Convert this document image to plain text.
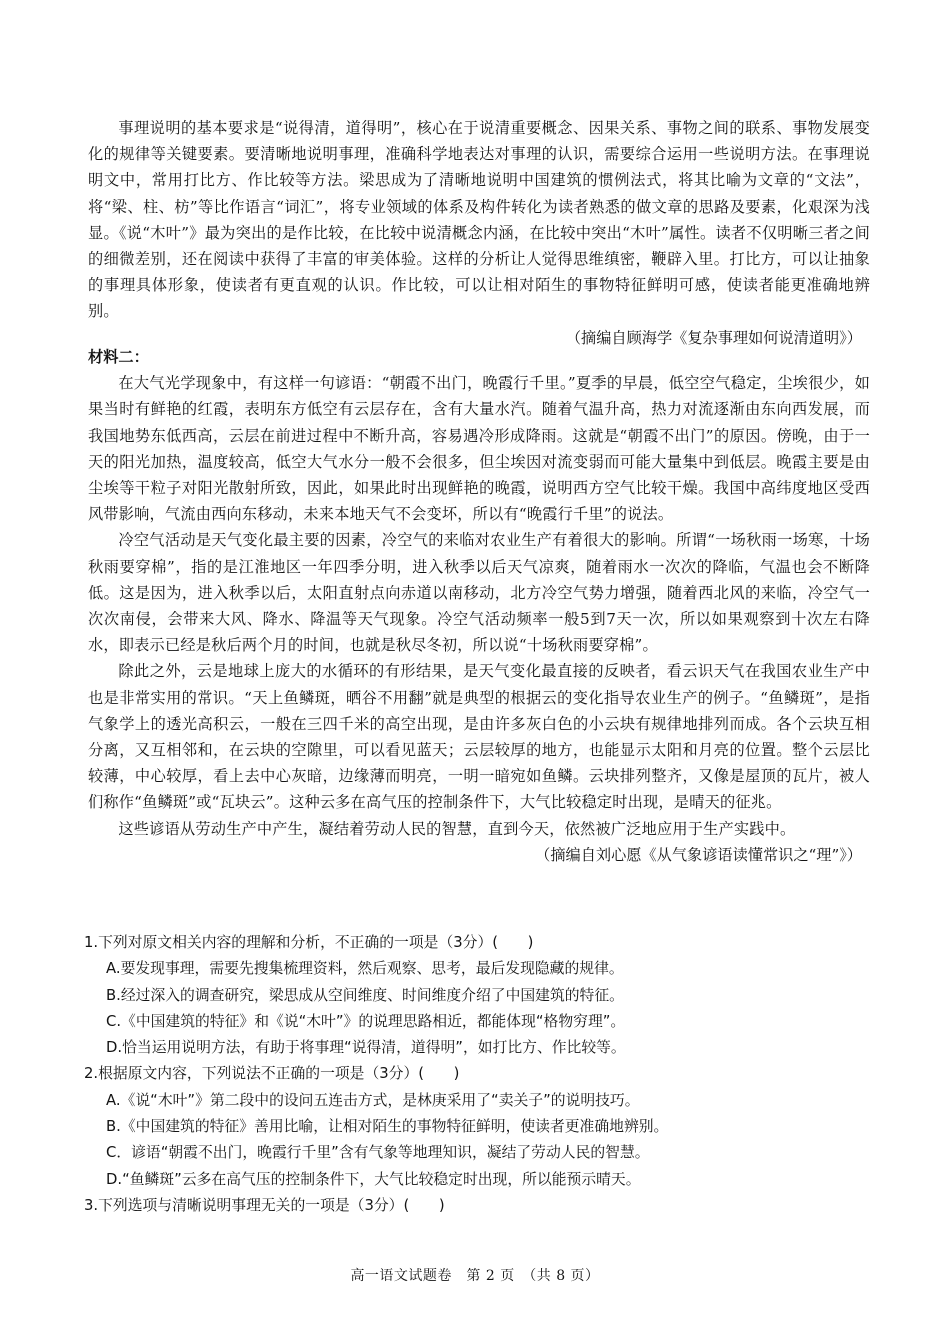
事理说明的基本要求是“说得清，道得明”，核心在于说清重要概念、因果关系、事物之间的联系、事物发展变化的规律等关键要素。要清晰地说明事理，准确科学地表达对事理的认识，需要综合运用一些说明方法。在事理说明文中，常用打比方、作比较等方法。梁思成为了清晰地说明中国建筑的惯例法式，将其比喻为文章的“文法”，将“梁、柱、枋”等比作语言“词汇”，将专业领域的体系及构件转化为读者熟悉的做文章的思路及要素，化艰深为浅显。《说“木叶”》最为突出的是作比较，在比较中说清概念内涵，在比较中突出“木叶”属性。读者不仅明晰三者之间的细微差别，还在阅读中获得了丰富的审美体验。这样的分析让人觉得思维缜密，鞭辟入里。打比方，可以让抽象的事理具体形象，使读者有更直观的认识。作比较，可以让相对陌生的事物特征鲜明可感，使读者能更准确地辨别。

（摘编自顾海学《复杂事理如何说清道明》）

材料二：

在大气光学现象中，有这样一句谚语：“朝霞不出门，晚霞行千里。”夏季的早晨，低空空气稳定，尘埃很少，如果当时有鲜艳的红霞，表明东方低空有云层存在，含有大量水汽。随着气温升高，热力对流逐渐由东向西发展，而我国地势东低西高，云层在前进过程中不断升高，容易遇冷形成降雨。这就是“朝霞不出门”的原因。傍晚，由于一天的阳光加热，温度较高，低空大气水分一般不会很多，但尘埃因对流变弱而可能大量集中到低层。晚霞主要是由尘埃等干粒子对阳光散射所致，因此，如果此时出现鲜艳的晚霞，说明西方空气比较干燥。我国中高纬度地区受西风带影响，气流由西向东移动，未来本地天气不会变坏，所以有“晚霞行千里”的说法。

冷空气活动是天气变化最主要的因素，冷空气的来临对农业生产有着很大的影响。所谓“一场秋雨一场寒，十场秋雨要穿棉”，指的是江淮地区一年四季分明，进入秋季以后天气凉爽，随着雨水一次次的降临，气温也会不断降低。这是因为，进入秋季以后，太阳直射点向赤道以南移动，北方冷空气势力增强，随着西北风的来临，冷空气一次次南侵，会带来大风、降水、降温等天气现象。冷空气活动频率一般5到7天一次，所以如果观察到十次左右降水，即表示已经是秋后两个月的时间，也就是秋尽冬初，所以说“十场秋雨要穿棉”。

除此之外，云是地球上庞大的水循环的有形结果，是天气变化最直接的反映者，看云识天气在我国农业生产中也是非常实用的常识。“天上鱼鳞斑，晒谷不用翻”就是典型的根据云的变化指导农业生产的例子。“鱼鳞斑”，是指气象学上的透光高积云，一般在三四千米的高空出现，是由许多灰白色的小云块有规律地排列而成。各个云块互相分离，又互相邻和，在云块的空隙里，可以看见蓝天；云层较厚的地方，也能显示太阳和月亮的位置。整个云层比较薄，中心较厚，看上去中心灰暗，边缘薄而明亮，一明一暗宛如鱼鳞。云块排列整齐，又像是屋顶的瓦片，被人们称作“鱼鳞斑”或“瓦块云”。这种云多在高气压的控制条件下，大气比较稳定时出现，是晴天的征兆。

这些谚语从劳动生产中产生，凝结着劳动人民的智慧，直到今天，依然被广泛地应用于生产实践中。

（摘编自刘心愿《从气象谚语读懂常识之“理”》）

1.下列对原文相关内容的理解和分析，不正确的一项是（3分）(　　)

A.要发现事理，需要先搜集梳理资料，然后观察、思考，最后发现隐藏的规律。

B.经过深入的调查研究，梁思成从空间维度、时间维度介绍了中国建筑的特征。

C.《中国建筑的特征》和《说“木叶”》的说理思路相近，都能体现“格物穷理”。

D.恰当运用说明方法，有助于将事理“说得清，道得明”，如打比方、作比较等。

2.根据原文内容，下列说法不正确的一项是（3分）(　　)

A.《说“木叶”》第二段中的设问五连击方式，是林庚采用了“卖关子”的说明技巧。

B.《中国建筑的特征》善用比喻，让相对陌生的事物特征鲜明，使读者更准确地辨别。

C．谚语“朝霞不出门，晚霞行千里”含有气象等地理知识，凝结了劳动人民的智慧。

D.“鱼鳞斑”云多在高气压的控制条件下，大气比较稳定时出现，所以能预示晴天。

3.下列选项与清晰说明事理无关的一项是（3分）(　　)

高一语文试题卷　第 2 页　（共 8 页）
